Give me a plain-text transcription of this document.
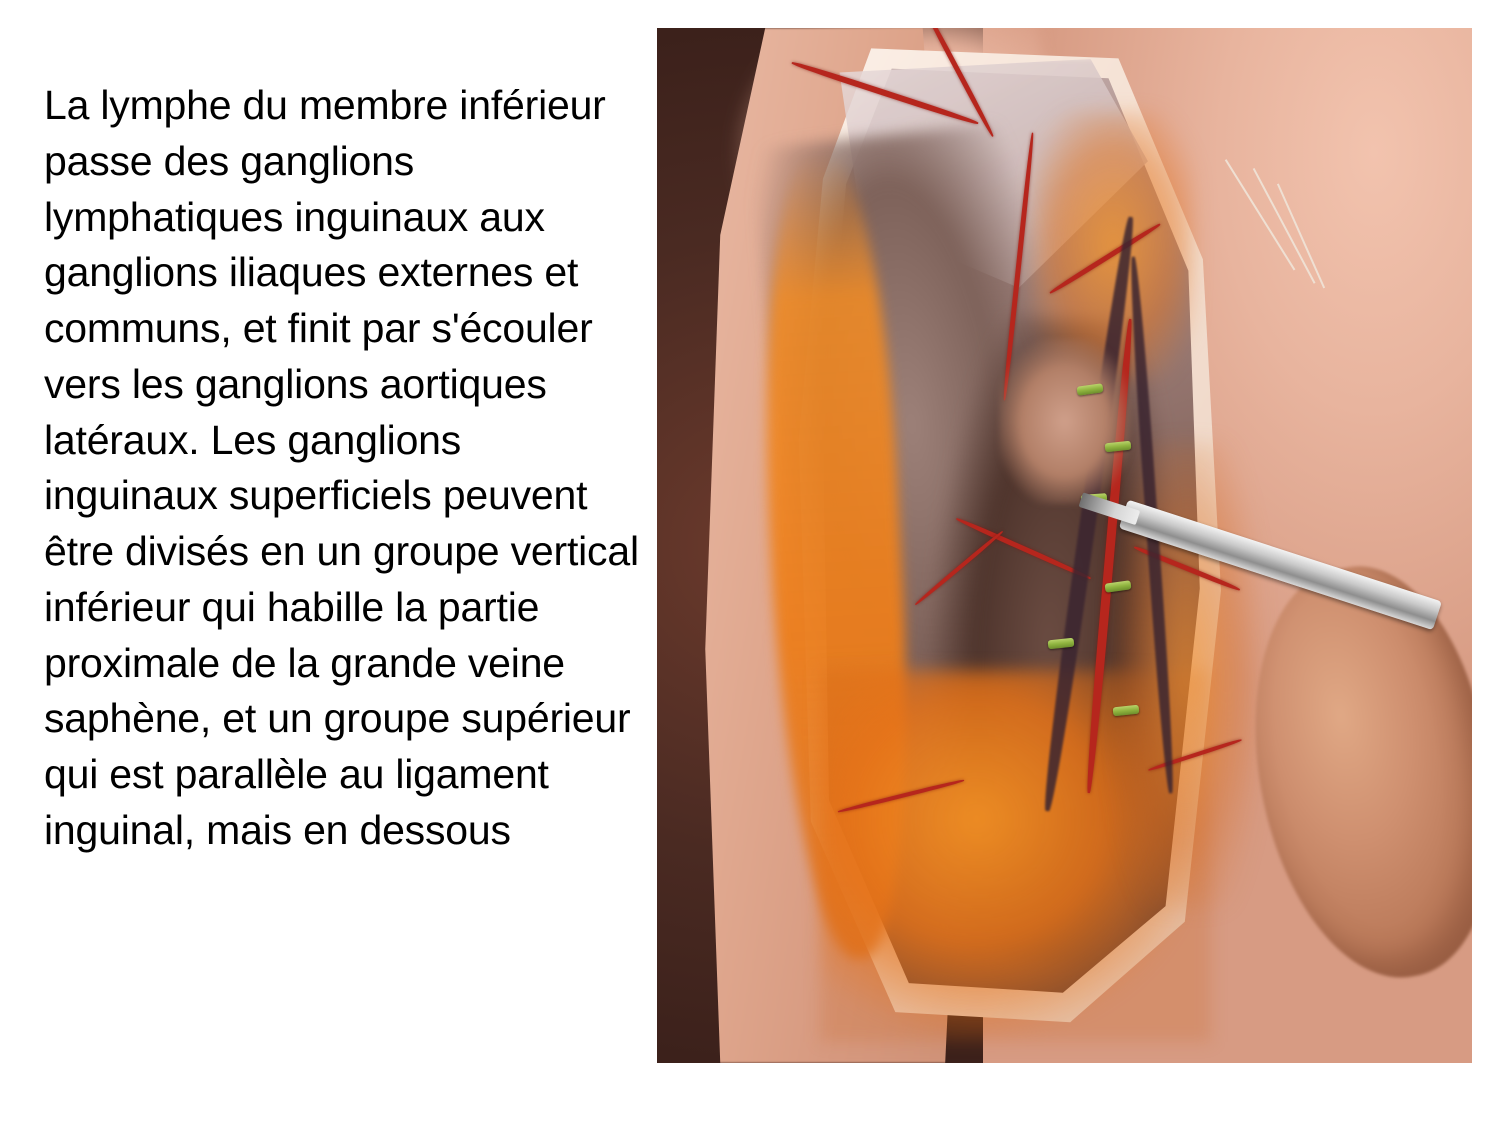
La lymphe du membre inférieur passe des ganglions lymphatiques inguinaux aux ganglions iliaques externes et communs, et finit par s'écouler vers les ganglions aortiques latéraux. Les ganglions inguinaux superficiels peuvent être divisés en un groupe vertical inférieur qui habille la partie proximale de la grande veine saphène, et un groupe supérieur qui est parallèle au ligament inguinal, mais en dessous
